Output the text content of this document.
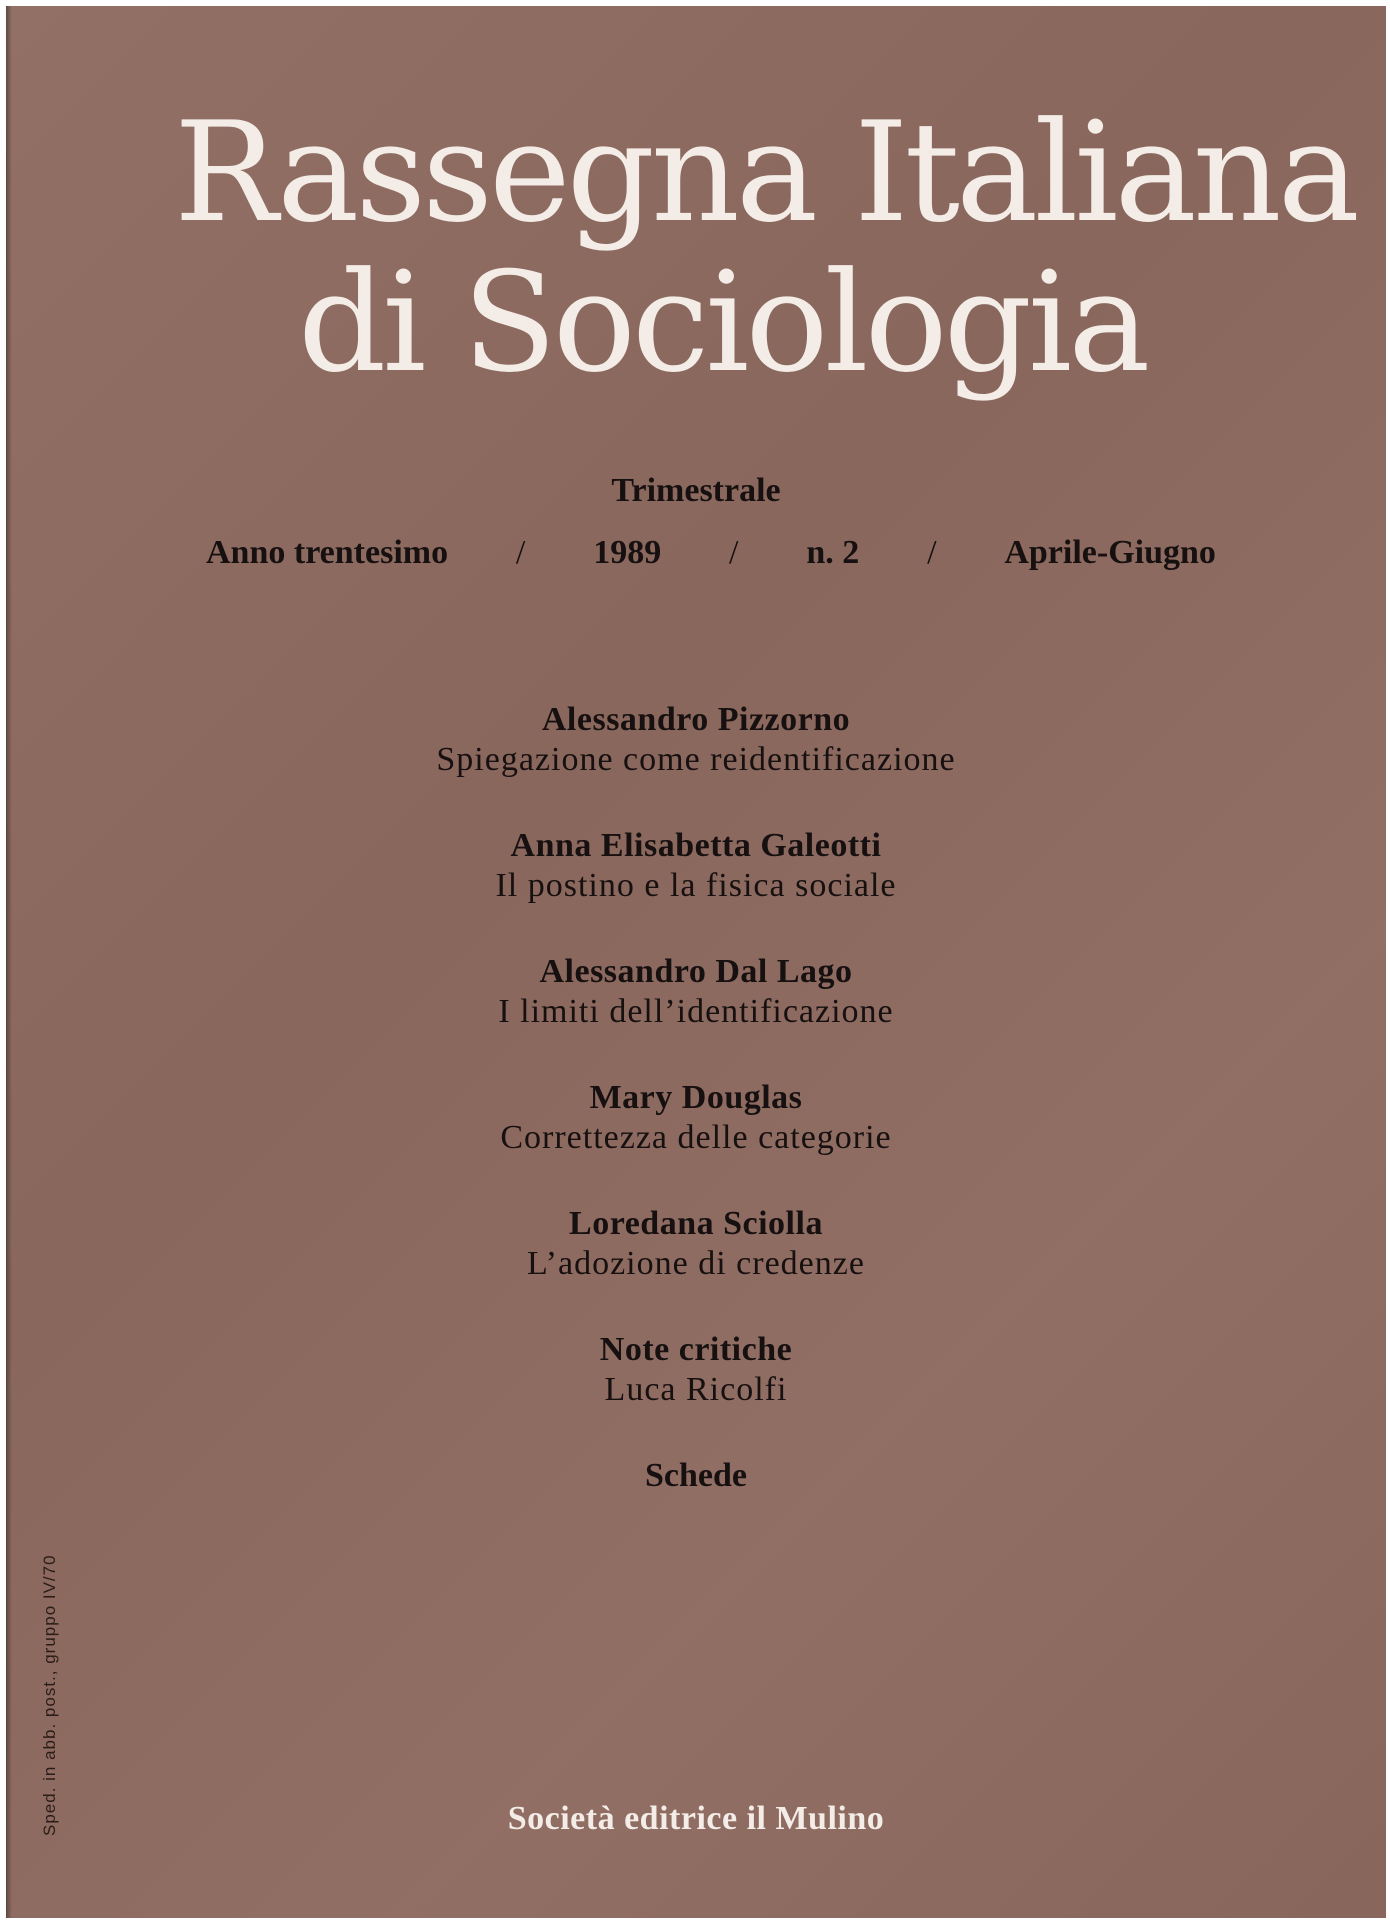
Rassegna Italiana
di Sociologia
Trimestrale
Anno trentesimo / 1989 / n. 2 / Aprile-Giugno
Alessandro Pizzorno
Spiegazione come reidentificazione
Anna Elisabetta Galeotti
Il postino e la fisica sociale
Alessandro Dal Lago
I limiti dell’identificazione
Mary Douglas
Correttezza delle categorie
Loredana Sciolla
L’adozione di credenze
Note critiche
Luca Ricolfi
Schede
Società editrice il Mulino
Sped. in abb. post., gruppo IV/70
